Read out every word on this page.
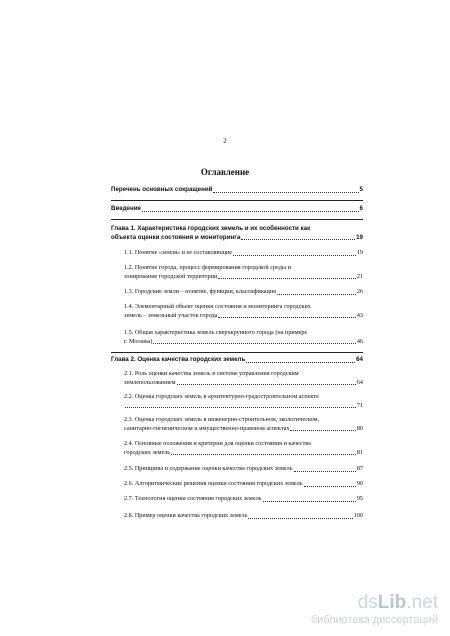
2
Оглавление
Перечень основных сокращений	5
Введение	6
Глава 1. Характеристика городских земель и их особенности как
объекта оценки состояния и мониторинга	19
1.1. Понятие «земля» и ее составляющие	19
1.2. Понятие города, процесс формирования городской среды и
зонирование городской территории	21
1.3. Городские земли – понятие, функции, классификация	26
1.4. Элементарный объект оценки состояния и мониторинга городских
земель – земельный участок города	43
1.5. Общая характеристика земель сверхкрупного города (на примере
г. Москвы)	46
Глава 2. Оценка качества городских земель	64
2.1. Роль оценки качества земель в системе управления городским
землепользованием	64
2.2. Оценка городских земель в архитектурно-градостроительном аспекте
71
2.3. Оценка городских земель в инженерно-строительном, экологическом,
санитарно-гигиеническом и имущественно-правовом аспектах	80
2.4. Основные положения и критерии для оценки состояния и качества
городских земель	81
2.5. Принципы и содержание оценки качества городских земель	87
2.6. Алгоритмические решения оценки состояния городских земель	90
2.7. Технология оценки состояния городских земель	95
2.8. Пример оценки качества городских земель	100
dsLib.net
библиотека диссертаций
